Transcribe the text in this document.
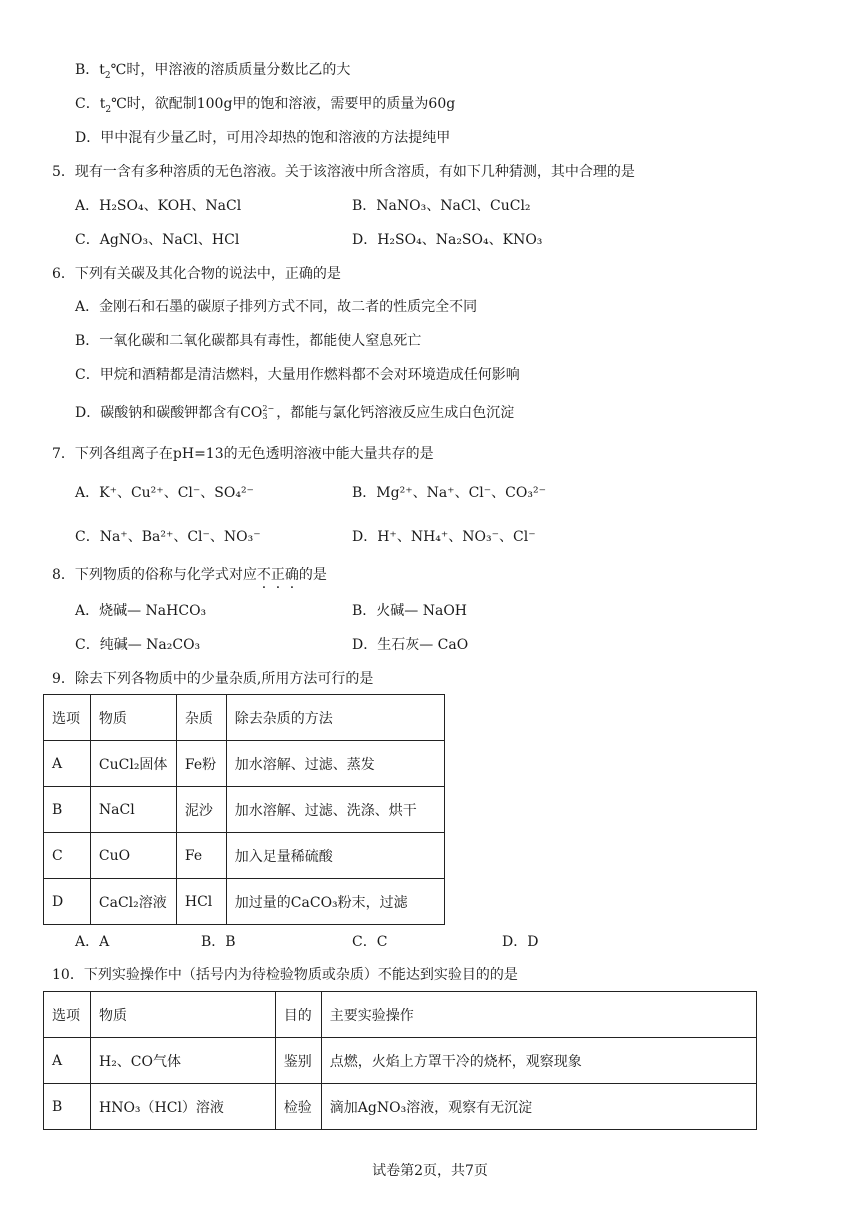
B．$t_2℃$时，甲溶液的溶质质量分数比乙的大
C．$t_2℃$时，欲配制100g甲的饱和溶液，需要甲的质量为60g
D．甲中混有少量乙时，可用冷却热的饱和溶液的方法提纯甲
5．现有一含有多种溶质的无色溶液。关于该溶液中所含溶质，有如下几种猜测，其中合理的是
A．H₂SO₄、KOH、NaCl	B．NaNO₃、NaCl、CuCl₂
C．AgNO₃、NaCl、HCl	D．H₂SO₄、Na₂SO₄、KNO₃
6．下列有关碳及其化合物的说法中，正确的是
A．金刚石和石墨的碳原子排列方式不同，故二者的性质完全不同
B．一氧化碳和二氧化碳都具有毒性，都能使人窒息死亡
C．甲烷和酒精都是清洁燃料，大量用作燃料都不会对环境造成任何影响
D．碳酸钠和碳酸钾都含有CO 2−
3 ，都能与氯化钙溶液反应生成白色沉淀
7．下列各组离子在pH=13的无色透明溶液中能大量共存的是
A．K⁺、Cu²⁺、Cl⁻、SO₄²⁻	B．Mg²⁺、Na⁺、Cl⁻、CO₃²⁻
C．Na⁺、Ba²⁺、Cl⁻、NO₃⁻	D．H⁺、NH₄⁺、NO₃⁻、Cl⁻
8．下列物质的俗称与化学式对应不正确的是
A．烧碱— NaHCO₃	B．火碱— NaOH
C．纯碱— Na₂CO₃	D．生石灰— CaO
9．除去下列各物质中的少量杂质,所用方法可行的是
选项	物质	杂质	除去杂质的方法
A	CuCl₂固体	Fe粉	加水溶解、过滤、蒸发
B	NaCl	泥沙	加水溶解、过滤、洗涤、烘干
C	CuO	Fe	加入足量稀硫酸
D	CaCl₂溶液	HCl	加过量的CaCO₃粉末，过滤
A．A	B．B	C．C	D．D
10．下列实验操作中（括号内为待检验物质或杂质）不能达到实验目的的是
选项	物质	目的	主要实验操作
A	H₂、CO气体	鉴别	点燃，火焰上方罩干冷的烧杯，观察现象
B	HNO₃（HCl）溶液	检验	滴加AgNO₃溶液，观察有无沉淀
试卷第2页，共7页
